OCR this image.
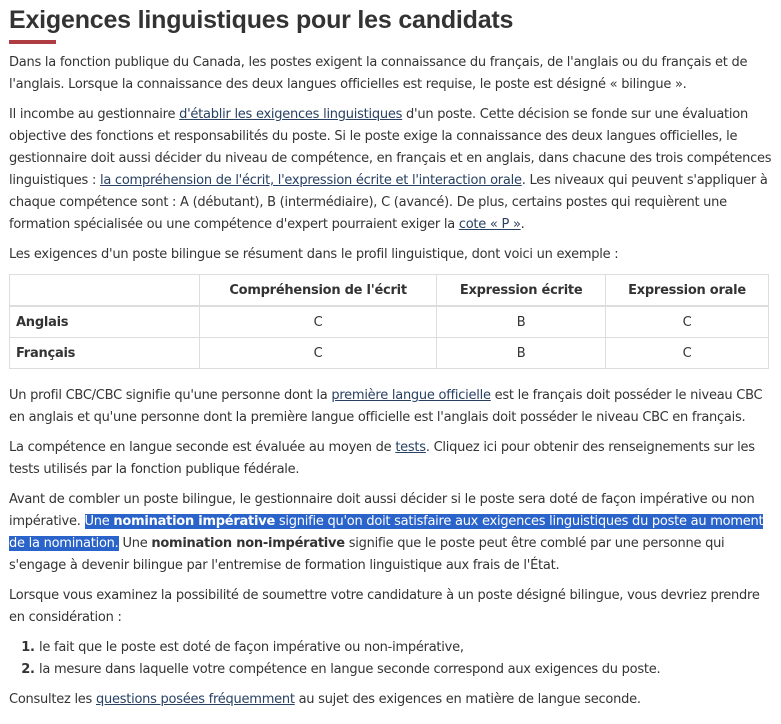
Exigences linguistiques pour les candidats

Dans la fonction publique du Canada, les postes exigent la connaissance du français, de l'anglais ou du français et de l'anglais. Lorsque la connaissance des deux langues officielles est requise, le poste est désigné « bilingue ».

Il incombe au gestionnaire d'établir les exigences linguistiques d'un poste. Cette décision se fonde sur une évaluation objective des fonctions et responsabilités du poste. Si le poste exige la connaissance des deux langues officielles, le gestionnaire doit aussi décider du niveau de compétence, en français et en anglais, dans chacune des trois compétences linguistiques : la compréhension de l'écrit, l'expression écrite et l'interaction orale. Les niveaux qui peuvent s'appliquer à chaque compétence sont : A (débutant), B (intermédiaire), C (avancé). De plus, certains postes qui requièrent une formation spécialisée ou une compétence d'expert pourraient exiger la cote « P ».

Les exigences d'un poste bilingue se résument dans le profil linguistique, dont voici un exemple :

	Compréhension de l'écrit	Expression écrite	Expression orale
Anglais	C	B	C
Français	C	B	C

Un profil CBC/CBC signifie qu'une personne dont la première langue officielle est le français doit posséder le niveau CBC en anglais et qu'une personne dont la première langue officielle est l'anglais doit posséder le niveau CBC en français.

La compétence en langue seconde est évaluée au moyen de tests. Cliquez ici pour obtenir des renseignements sur les tests utilisés par la fonction publique fédérale.

Avant de combler un poste bilingue, le gestionnaire doit aussi décider si le poste sera doté de façon impérative ou non impérative. Une nomination impérative signifie qu'on doit satisfaire aux exigences linguistiques du poste au moment de la nomination. Une nomination non-impérative signifie que le poste peut être comblé par une personne qui s'engage à devenir bilingue par l'entremise de formation linguistique aux frais de l'État.

Lorsque vous examinez la possibilité de soumettre votre candidature à un poste désigné bilingue, vous devriez prendre en considération :

1. le fait que le poste est doté de façon impérative ou non-impérative,
2. la mesure dans laquelle votre compétence en langue seconde correspond aux exigences du poste.

Consultez les questions posées fréquemment au sujet des exigences en matière de langue seconde.
